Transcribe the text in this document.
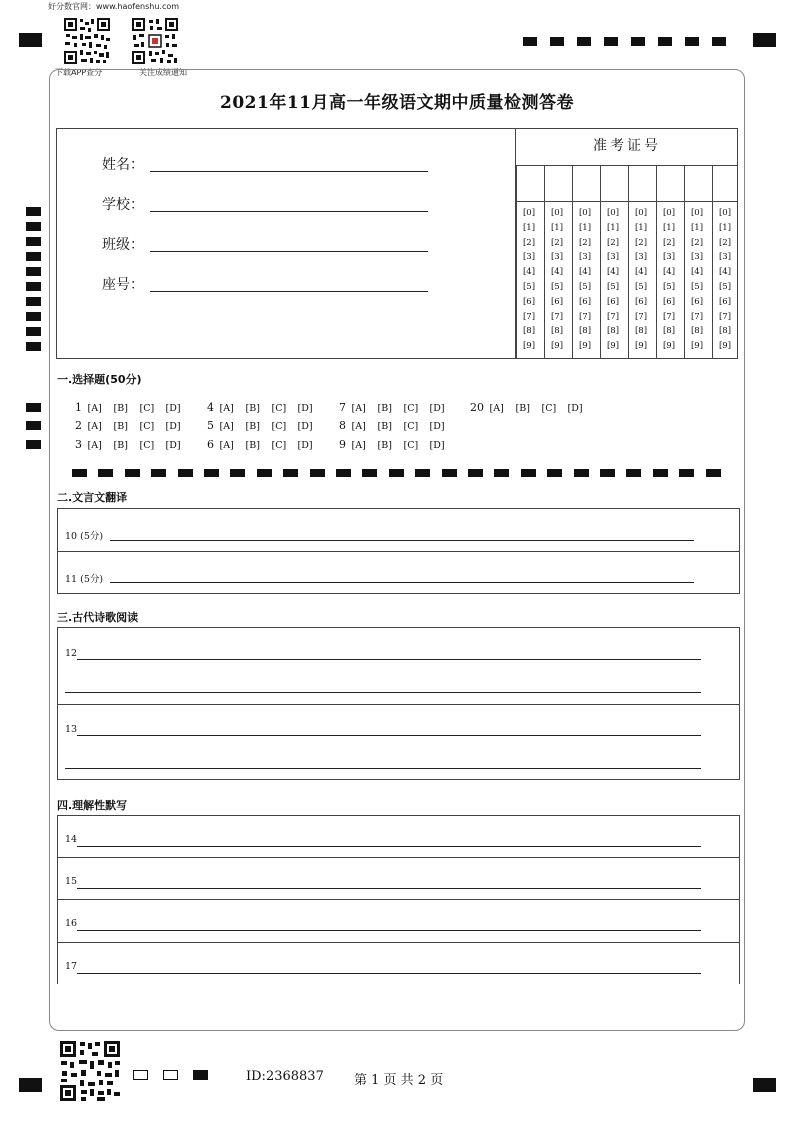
好分数官网：www.haofenshu.com
下载APP查分	关注成绩通知
2021年11月高一年级语文期中质量检测答卷
姓名：
学校：
班级：
座号：
准考证号
[0]
[1]
[2]
[3]
[4]
[5]
[6]
[7]
[8]
[9]
[0]
[1]
[2]
[3]
[4]
[5]
[6]
[7]
[8]
[9]
[0]
[1]
[2]
[3]
[4]
[5]
[6]
[7]
[8]
[9]
[0]
[1]
[2]
[3]
[4]
[5]
[6]
[7]
[8]
[9]
[0]
[1]
[2]
[3]
[4]
[5]
[6]
[7]
[8]
[9]
[0]
[1]
[2]
[3]
[4]
[5]
[6]
[7]
[8]
[9]
[0]
[1]
[2]
[3]
[4]
[5]
[6]
[7]
[8]
[9]
[0]
[1]
[2]
[3]
[4]
[5]
[6]
[7]
[8]
[9]
一.选择题(50分)
1 [A] [B] [C] [D]
2 [A] [B] [C] [D]
3 [A] [B] [C] [D]
4 [A] [B] [C] [D]
5 [A] [B] [C] [D]
6 [A] [B] [C] [D]
7 [A] [B] [C] [D]
8 [A] [B] [C] [D]
9 [A] [B] [C] [D]
20 [A] [B] [C] [D]
二.文言文翻译
10 (5分)
11 (5分)
三.古代诗歌阅读
12
13
四.理解性默写
14
15
16
17
ID:2368837 第 1 页 共 2 页
